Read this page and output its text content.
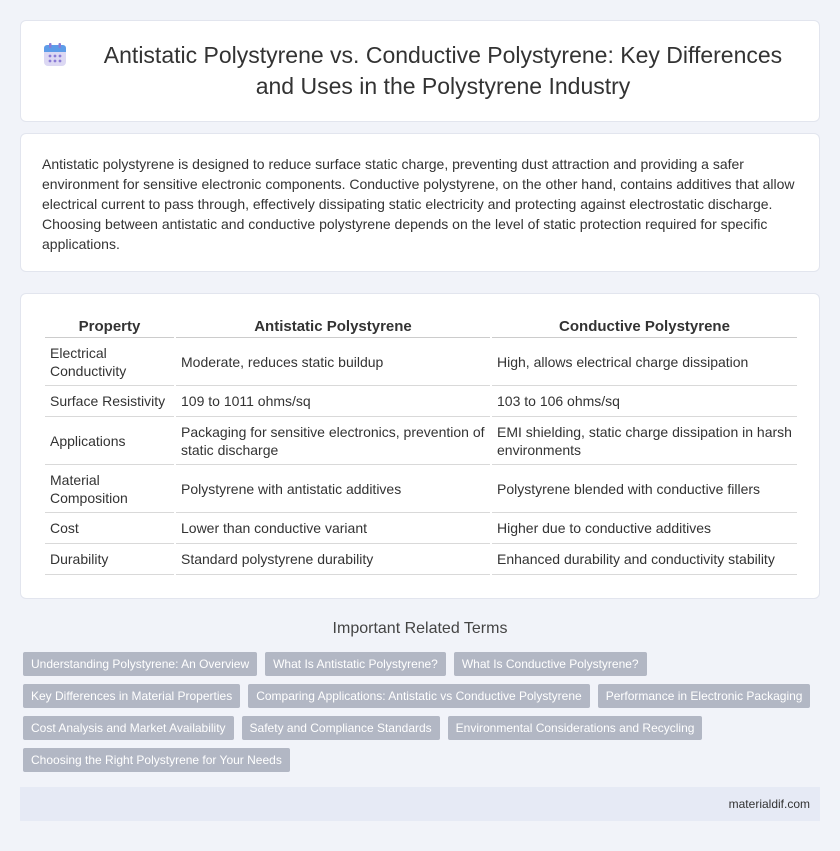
Antistatic Polystyrene vs. Conductive Polystyrene: Key Differences and Uses in the Polystyrene Industry

Antistatic polystyrene is designed to reduce surface static charge, preventing dust attraction and providing a safer environment for sensitive electronic components. Conductive polystyrene, on the other hand, contains additives that allow electrical current to pass through, effectively dissipating static electricity and protecting against electrostatic discharge. Choosing between antistatic and conductive polystyrene depends on the level of static protection required for specific applications.

Property	Antistatic Polystyrene	Conductive Polystyrene
Electrical Conductivity	Moderate, reduces static buildup	High, allows electrical charge dissipation
Surface Resistivity	109 to 1011 ohms/sq	103 to 106 ohms/sq
Applications	Packaging for sensitive electronics, prevention of static discharge	EMI shielding, static charge dissipation in harsh environments
Material Composition	Polystyrene with antistatic additives	Polystyrene blended with conductive fillers
Cost	Lower than conductive variant	Higher due to conductive additives
Durability	Standard polystyrene durability	Enhanced durability and conductivity stability
Important Related Terms
Understanding Polystyrene: An Overview	What Is Antistatic Polystyrene?	What Is Conductive Polystyrene?
Key Differences in Material Properties	Comparing Applications: Antistatic vs Conductive Polystyrene	Performance in Electronic Packaging
Cost Analysis and Market Availability	Safety and Compliance Standards	Environmental Considerations and Recycling
Choosing the Right Polystyrene for Your Needs
materialdif.com
